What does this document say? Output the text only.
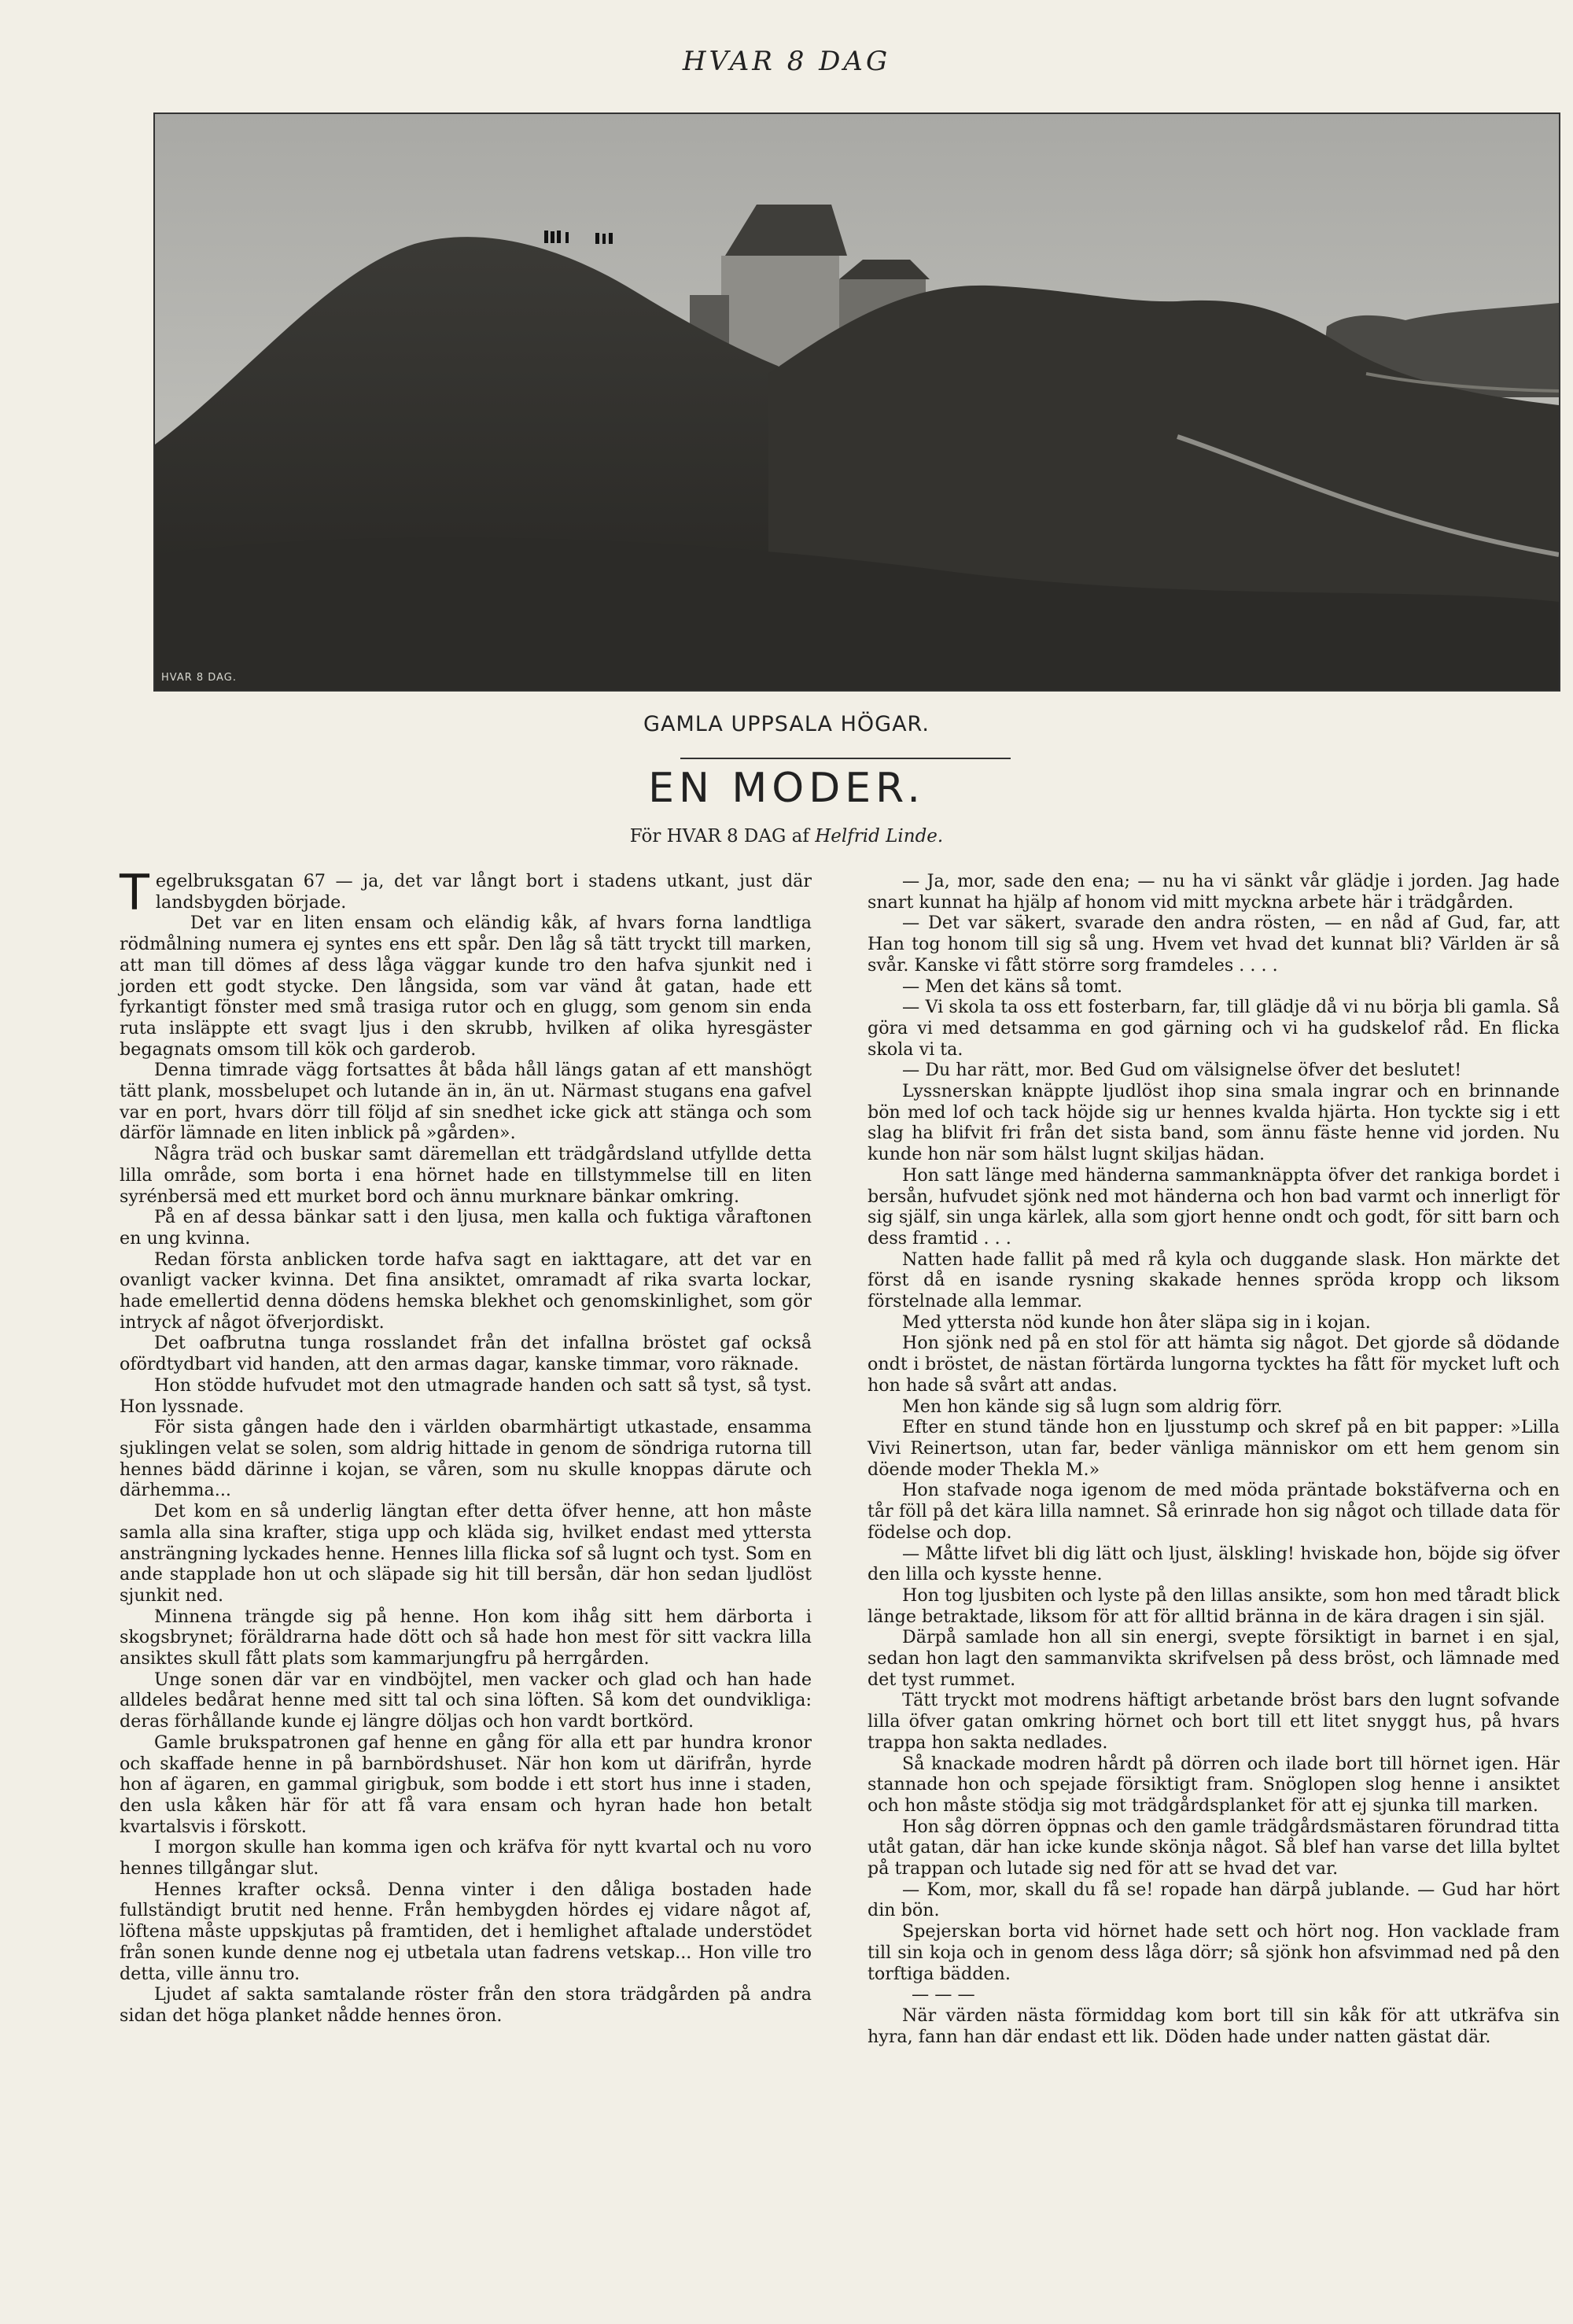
HVAR 8 DAG
HVAR 8 DAG.
GAMLA UPPSALA HÖGAR.
EN MODER.
För HVAR 8 DAG af Helfrid Linde.

Tegelbruksgatan 67 — ja, det var långt bort i stadens utkant, just där landsbygden började.

Det var en liten ensam och eländig kåk, af hvars forna landtliga rödmålning numera ej syntes ens ett spår. Den låg så tätt tryckt till marken, att man till dömes af dess låga väggar kunde tro den hafva sjunkit ned i jorden ett godt stycke. Den långsida, som var vänd åt gatan, hade ett fyrkantigt fönster med små trasiga rutor och en glugg, som genom sin enda ruta insläppte ett svagt ljus i den skrubb, hvilken af olika hyresgäster begagnats omsom till kök och garderob.

Denna timrade vägg fortsattes åt båda håll längs gatan af ett manshögt tätt plank, mossbelupet och lutande än in, än ut. Närmast stugans ena gafvel var en port, hvars dörr till följd af sin snedhet icke gick att stänga och som därför lämnade en liten inblick på »gården».

Några träd och buskar samt däremellan ett trädgårdsland utfyllde detta lilla område, som borta i ena hörnet hade en tillstymmelse till en liten syrénbersä med ett murket bord och ännu murknare bänkar omkring.

På en af dessa bänkar satt i den ljusa, men kalla och fuktiga våraftonen en ung kvinna.

Redan första anblicken torde hafva sagt en iakttagare, att det var en ovanligt vacker kvinna. Det fina ansiktet, omramadt af rika svarta lockar, hade emellertid denna dödens hemska blekhet och genomskinlighet, som gör intryck af något öfverjordiskt.

Det oafbrutna tunga rosslandet från det infallna bröstet gaf också ofördtydbart vid handen, att den armas dagar, kanske timmar, voro räknade.

Hon stödde hufvudet mot den utmagrade handen och satt så tyst, så tyst. Hon lyssnade.

För sista gången hade den i världen obarmhärtigt utkastade, ensamma sjuklingen velat se solen, som aldrig hittade in genom de söndriga rutorna till hennes bädd därinne i kojan, se våren, som nu skulle knoppas därute och därhemma...

Det kom en så underlig längtan efter detta öfver henne, att hon måste samla alla sina krafter, stiga upp och kläda sig, hvilket endast med yttersta ansträngning lyckades henne. Hennes lilla flicka sof så lugnt och tyst. Som en ande stapplade hon ut och släpade sig hit till bersån, där hon sedan ljudlöst sjunkit ned.

Minnena trängde sig på henne. Hon kom ihåg sitt hem därborta i skogsbrynet; föräldrarna hade dött och så hade hon mest för sitt vackra lilla ansiktes skull fått plats som kammarjungfru på herrgården.

Unge sonen där var en vindböjtel, men vacker och glad och han hade alldeles bedårat henne med sitt tal och sina löften. Så kom det oundvikliga: deras förhållande kunde ej längre döljas och hon vardt bortkörd.

Gamle brukspatronen gaf henne en gång för alla ett par hundra kronor och skaffade henne in på barnbördshuset. När hon kom ut därifrån, hyrde hon af ägaren, en gammal girigbuk, som bodde i ett stort hus inne i staden, den usla kåken här för att få vara ensam och hyran hade hon betalt kvartalsvis i förskott.

I morgon skulle han komma igen och kräfva för nytt kvartal och nu voro hennes tillgångar slut.

Hennes krafter också. Denna vinter i den dåliga bostaden hade fullständigt brutit ned henne. Från hembygden hördes ej vidare något af, löftena måste uppskjutas på framtiden, det i hemlighet aftalade understödet från sonen kunde denne nog ej utbetala utan fadrens vetskap... Hon ville tro detta, ville ännu tro.

Ljudet af sakta samtalande röster från den stora trädgården på andra sidan det höga planket nådde hennes öron.

— Ja, mor, sade den ena; — nu ha vi sänkt vår glädje i jorden. Jag hade snart kunnat ha hjälp af honom vid mitt myckna arbete här i trädgården.

— Det var säkert, svarade den andra rösten, — en nåd af Gud, far, att Han tog honom till sig så ung. Hvem vet hvad det kunnat bli? Världen är så svår. Kanske vi fått större sorg framdeles . . . .

— Men det käns så tomt.

— Vi skola ta oss ett fosterbarn, far, till glädje då vi nu börja bli gamla. Så göra vi med detsamma en god gärning och vi ha gudskelof råd. En flicka skola vi ta.

— Du har rätt, mor. Bed Gud om välsignelse öfver det beslutet!

Lyssnerskan knäppte ljudlöst ihop sina smala ingrar och en brinnande bön med lof och tack höjde sig ur hennes kvalda hjärta. Hon tyckte sig i ett slag ha blifvit fri från det sista band, som ännu fäste henne vid jorden. Nu kunde hon när som hälst lugnt skiljas hädan.

Hon satt länge med händerna sammanknäppta öfver det rankiga bordet i bersån, hufvudet sjönk ned mot händerna och hon bad varmt och innerligt för sig själf, sin unga kärlek, alla som gjort henne ondt och godt, för sitt barn och dess framtid . . .

Natten hade fallit på med rå kyla och duggande slask. Hon märkte det först då en isande rysning skakade hennes spröda kropp och liksom förstelnade alla lemmar.

Med yttersta nöd kunde hon åter släpa sig in i kojan.

Hon sjönk ned på en stol för att hämta sig något. Det gjorde så dödande ondt i bröstet, de nästan förtärda lungorna tycktes ha fått för mycket luft och hon hade så svårt att andas.

Men hon kände sig så lugn som aldrig förr.

Efter en stund tände hon en ljusstump och skref på en bit papper: »Lilla Vivi Reinertson, utan far, beder vänliga människor om ett hem genom sin döende moder Thekla M.»

Hon stafvade noga igenom de med möda präntade bokstäfverna och en tår föll på det kära lilla namnet. Så erinrade hon sig något och tillade data för födelse och dop.

— Måtte lifvet bli dig lätt och ljust, älskling! hviskade hon, böjde sig öfver den lilla och kysste henne.

Hon tog ljusbiten och lyste på den lillas ansikte, som hon med tåradt blick länge betraktade, liksom för att för alltid bränna in de kära dragen i sin själ.

Därpå samlade hon all sin energi, svepte försiktigt in barnet i en sjal, sedan hon lagt den sammanvikta skrifvelsen på dess bröst, och lämnade med det tyst rummet.

Tätt tryckt mot modrens häftigt arbetande bröst bars den lugnt sofvande lilla öfver gatan omkring hörnet och bort till ett litet snyggt hus, på hvars trappa hon sakta nedlades.

Så knackade modren hårdt på dörren och ilade bort till hörnet igen. Här stannade hon och spejade försiktigt fram. Snöglopen slog henne i ansiktet och hon måste stödja sig mot trädgårdsplanket för att ej sjunka till marken.

Hon såg dörren öppnas och den gamle trädgårdsmästaren förundrad titta utåt gatan, där han icke kunde skönja något. Så blef han varse det lilla byltet på trappan och lutade sig ned för att se hvad det var.

— Kom, mor, skall du få se! ropade han därpå jublande. — Gud har hört din bön.

Spejerskan borta vid hörnet hade sett och hört nog. Hon vacklade fram till sin koja och in genom dess låga dörr; så sjönk hon afsvimmad ned på den torftiga bädden.

— — —

När värden nästa förmiddag kom bort till sin kåk för att utkräfva sin hyra, fann han där endast ett lik. Döden hade under natten gästat där.
